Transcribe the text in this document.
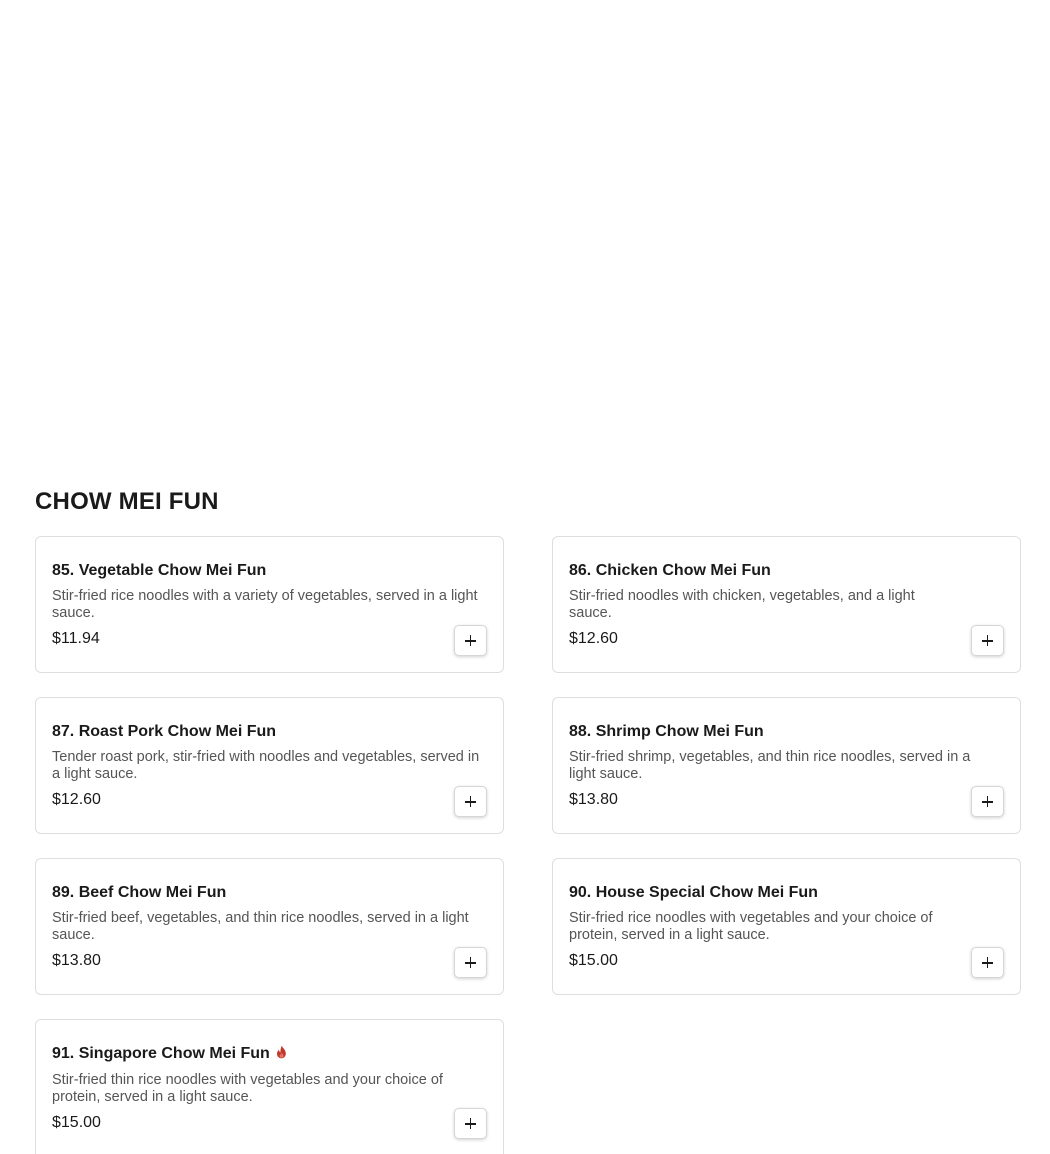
CHOW MEI FUN
85. Vegetable Chow Mei Fun
Stir-fried rice noodles with a variety of vegetables, served in a light sauce.
$11.94
86. Chicken Chow Mei Fun
Stir-fried noodles with chicken, vegetables, and a light sauce.
$12.60
87. Roast Pork Chow Mei Fun
Tender roast pork, stir-fried with noodles and vegetables, served in a light sauce.
$12.60
88. Shrimp Chow Mei Fun
Stir-fried shrimp, vegetables, and thin rice noodles, served in a light sauce.
$13.80
89. Beef Chow Mei Fun
Stir-fried beef, vegetables, and thin rice noodles, served in a light sauce.
$13.80
90. House Special Chow Mei Fun
Stir-fried rice noodles with vegetables and your choice of protein, served in a light sauce.
$15.00
91. Singapore Chow Mei Fun
Stir-fried thin rice noodles with vegetables and your choice of protein, served in a light sauce.
$15.00
